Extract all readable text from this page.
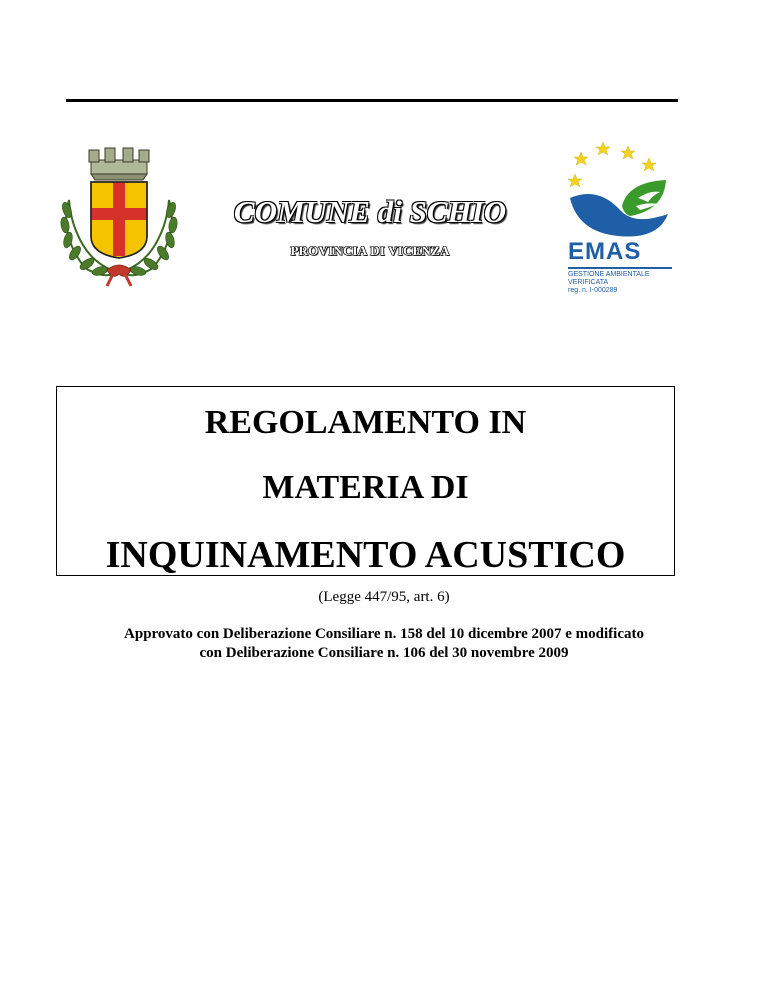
COMUNE di SCHIO
PROVINCIA DI VICENZA	EMAS
GESTIONE AMBIENTALE
VERIFICATA
reg. n. I-000289
REGOLAMENTO IN
MATERIA DI
INQUINAMENTO ACUSTICO
(Legge 447/95, art. 6)
Approvato con Deliberazione Consiliare n. 158 del 10 dicembre 2007 e modificato
con Deliberazione Consiliare n. 106 del 30 novembre 2009
